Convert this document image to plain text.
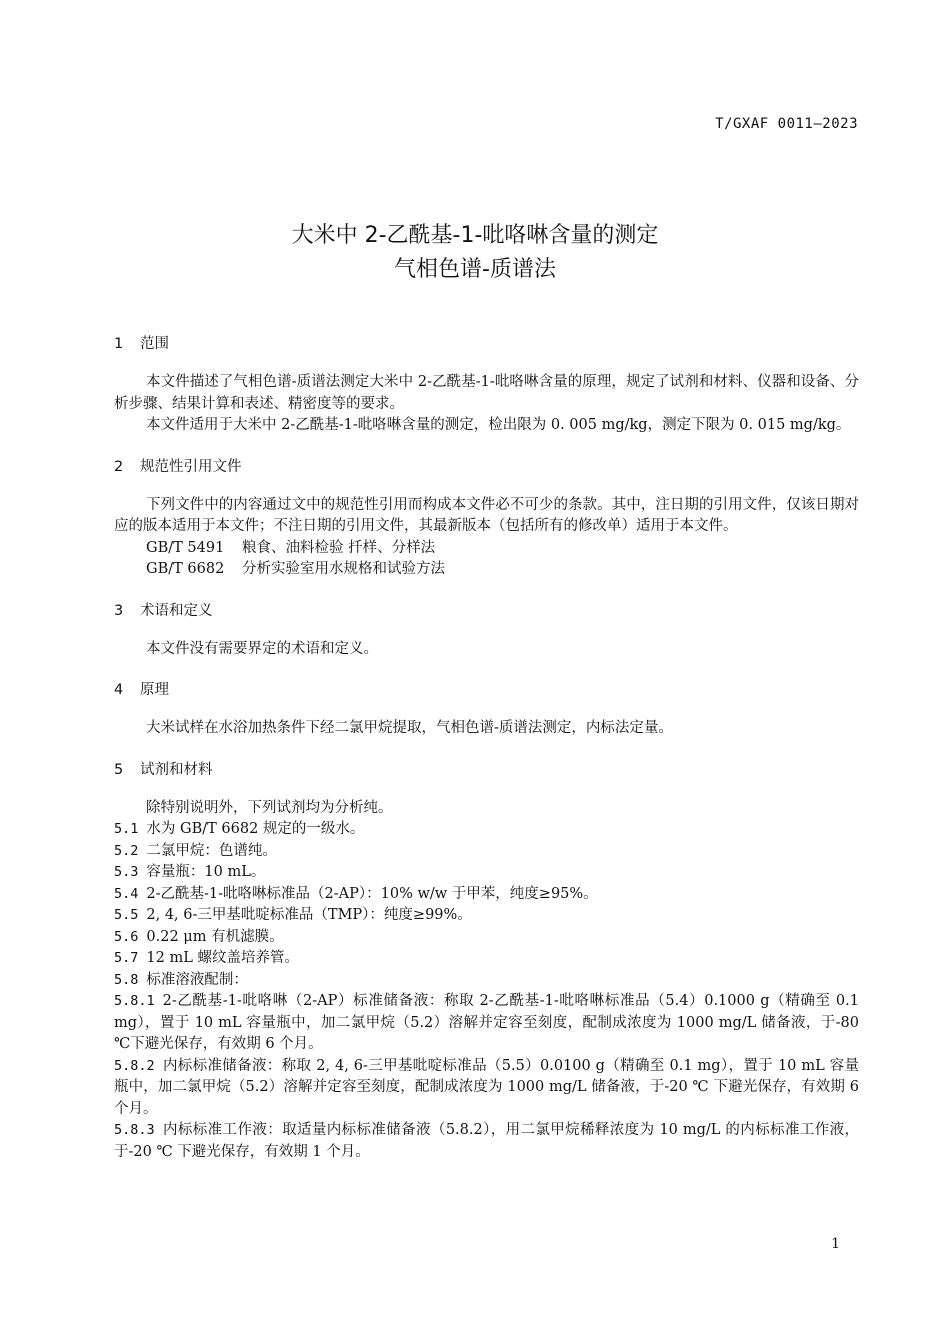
T/GXAF 0011—2023
大米中 2-乙酰基-1-吡咯啉含量的测定
气相色谱-质谱法
1 范围
本文件描述了气相色谱-质谱法测定大米中 2-乙酰基-1-吡咯啉含量的原理，规定了试剂和材料、仪器和设备、分析步骤、结果计算和表述、精密度等的要求。
本文件适用于大米中 2-乙酰基-1-吡咯啉含量的测定，检出限为 0. 005 mg/kg，测定下限为 0. 015 mg/kg。
2 规范性引用文件
下列文件中的内容通过文中的规范性引用而构成本文件必不可少的条款。其中，注日期的引用文件，仅该日期对应的版本适用于本文件；不注日期的引用文件，其最新版本（包括所有的修改单）适用于本文件。
GB/T 5491 粮食、油料检验 扦样、分样法
GB/T 6682 分析实验室用水规格和试验方法
3 术语和定义
本文件没有需要界定的术语和定义。
4 原理
大米试样在水浴加热条件下经二氯甲烷提取，气相色谱-质谱法测定，内标法定量。
5 试剂和材料
除特别说明外，下列试剂均为分析纯。
5.1 水为 GB/T 6682 规定的一级水。
5.2 二氯甲烷：色谱纯。
5.3 容量瓶：10 mL。
5.4 2-乙酰基-1-吡咯啉标准品（2-AP）：10% w/w 于甲苯，纯度≥95%。
5.5 2, 4, 6-三甲基吡啶标准品（TMP）：纯度≥99%。
5.6 0.22 μm 有机滤膜。
5.7 12 mL 螺纹盖培养管。
5.8 标准溶液配制：
5.8.1 2-乙酰基-1-吡咯啉（2-AP）标准储备液：称取 2-乙酰基-1-吡咯啉标准品（5.4）0.1000 g（精确至 0.1 mg），置于 10 mL 容量瓶中，加二氯甲烷（5.2）溶解并定容至刻度，配制成浓度为 1000 mg/L 储备液，于-80 ℃下避光保存，有效期 6 个月。
5.8.2 内标标准储备液：称取 2, 4, 6-三甲基吡啶标准品（5.5）0.0100 g（精确至 0.1 mg），置于 10 mL 容量瓶中，加二氯甲烷（5.2）溶解并定容至刻度，配制成浓度为 1000 mg/L 储备液，于-20 ℃ 下避光保存，有效期 6 个月。
5.8.3 内标标准工作液：取适量内标标准储备液（5.8.2），用二氯甲烷稀释浓度为 10 mg/L 的内标标准工作液，于-20 ℃ 下避光保存，有效期 1 个月。
1
